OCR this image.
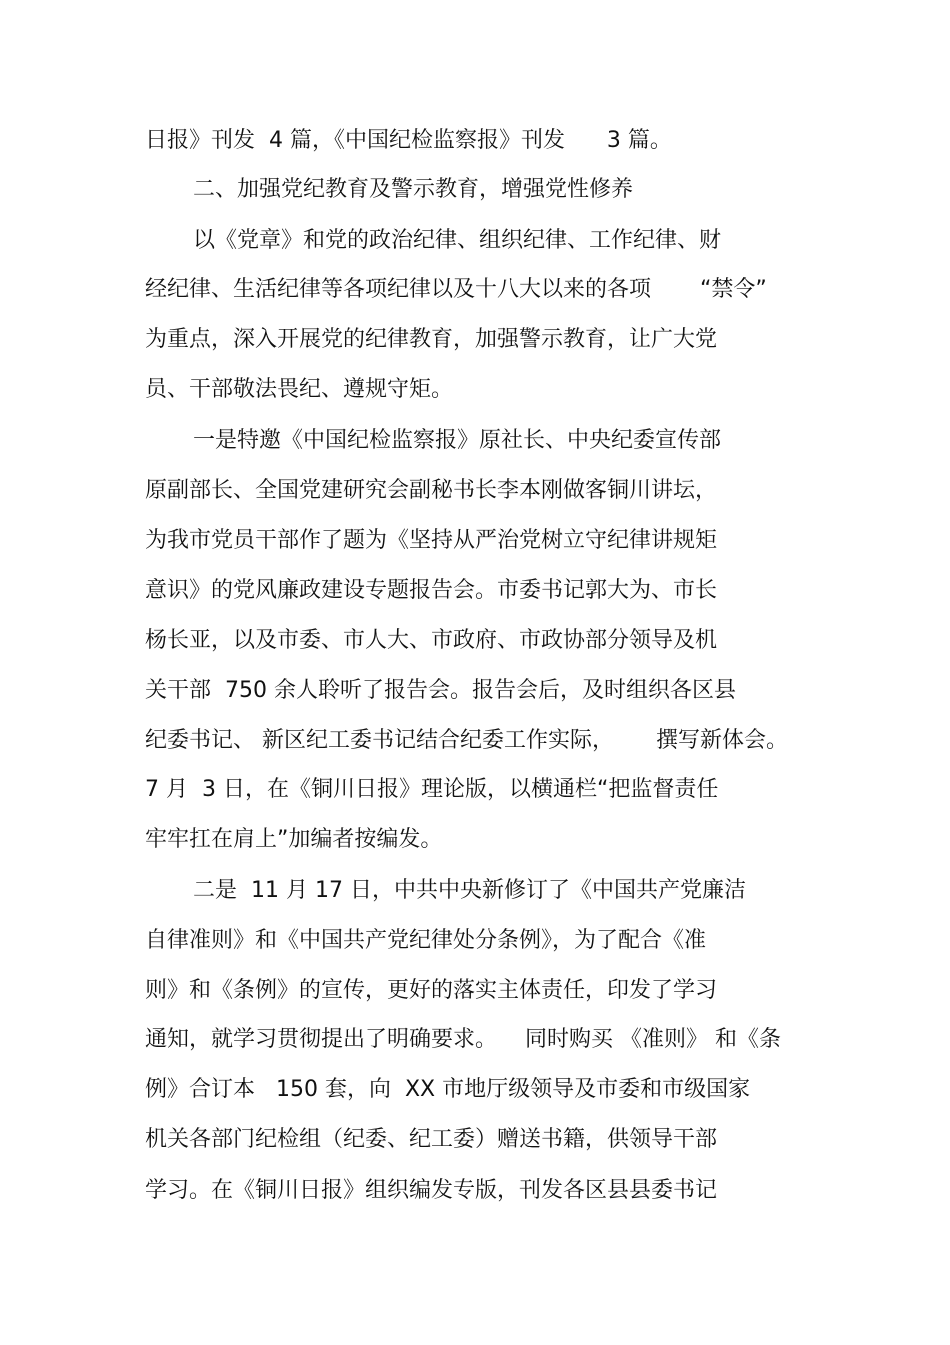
日报》刊发  4 篇，《中国纪检监察报》刊发      3 篇。

二、加强党纪教育及警示教育，增强党性修养

以《党章》和党的政治纪律、组织纪律、工作纪律、财

经纪律、生活纪律等各项纪律以及十八大以来的各项       “禁令”

为重点，深入开展党的纪律教育，加强警示教育，让广大党

员、干部敬法畏纪、遵规守矩。

一是特邀《中国纪检监察报》原社长、中央纪委宣传部

原副部长、全国党建研究会副秘书长李本刚做客铜川讲坛，

为我市党员干部作了题为《坚持从严治党树立守纪律讲规矩

意识》的党风廉政建设专题报告会。市委书记郭大为、市长

杨长亚，以及市委、市人大、市政府、市政协部分领导及机

关干部  750 余人聆听了报告会。报告会后，及时组织各区县

纪委书记、 新区纪工委书记结合纪委工作实际，      撰写新体会。

7 月  3 日，在《铜川日报》理论版，以横通栏“把监督责任

牢牢扛在肩上”加编者按编发。

二是  11 月 17 日，中共中央新修订了《中国共产党廉洁

自律准则》和《中国共产党纪律处分条例》，为了配合《准

则》和《条例》的宣传，更好的落实主体责任，印发了学习

通知，就学习贯彻提出了明确要求。    同时购买 《准则》 和《条

例》合订本   150 套，向  XX 市地厅级领导及市委和市级国家

机关各部门纪检组（纪委、纪工委）赠送书籍，供领导干部

学习。在《铜川日报》组织编发专版，刊发各区县县委书记
